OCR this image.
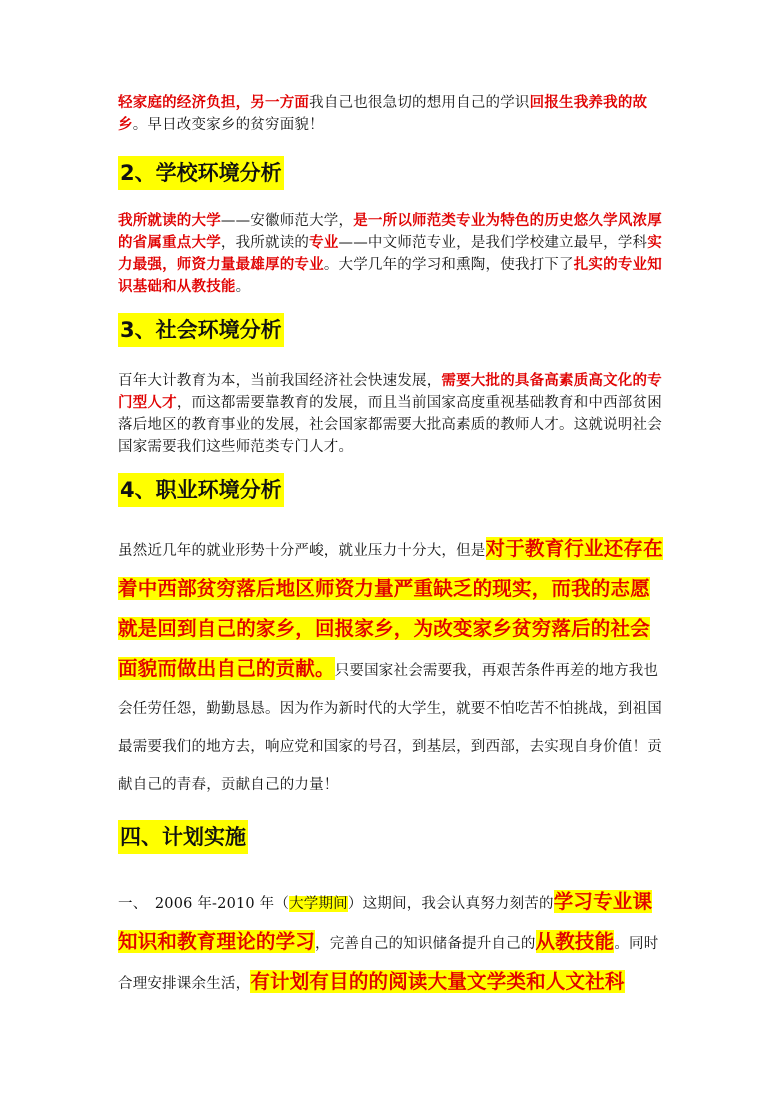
轻家庭的经济负担，另一方面我自己也很急切的想用自己的学识回报生我养我的故乡。早日改变家乡的贫穷面貌！

2、学校环境分析

我所就读的大学——安徽师范大学，是一所以师范类专业为特色的历史悠久学风浓厚的省属重点大学，我所就读的专业——中文师范专业，是我们学校建立最早，学科实力最强，师资力量最雄厚的专业。大学几年的学习和熏陶，使我打下了扎实的专业知识基础和从教技能。

3、社会环境分析

百年大计教育为本，当前我国经济社会快速发展，需要大批的具备高素质高文化的专门型人才，而这都需要靠教育的发展，而且当前国家高度重视基础教育和中西部贫困落后地区的教育事业的发展，社会国家都需要大批高素质的教师人才。这就说明社会国家需要我们这些师范类专门人才。

4、职业环境分析

虽然近几年的就业形势十分严峻，就业压力十分大，但是对于教育行业还存在着中西部贫穷落后地区师资力量严重缺乏的现实，而我的志愿就是回到自己的家乡，回报家乡，为改变家乡贫穷落后的社会面貌而做出自己的贡献。只要国家社会需要我，再艰苦条件再差的地方我也会任劳任怨，勤勤恳恳。因为作为新时代的大学生，就要不怕吃苦不怕挑战，到祖国最需要我们的地方去，响应党和国家的号召，到基层，到西部，去实现自身价值！贡献自己的青春，贡献自己的力量！

四、计划实施

一、　2006 年-2010 年（大学期间）这期间，我会认真努力刻苦的学习专业课知识和教育理论的学习，完善自己的知识储备提升自己的从教技能。同时合理安排课余生活，有计划有目的的阅读大量文学类和人文社科
